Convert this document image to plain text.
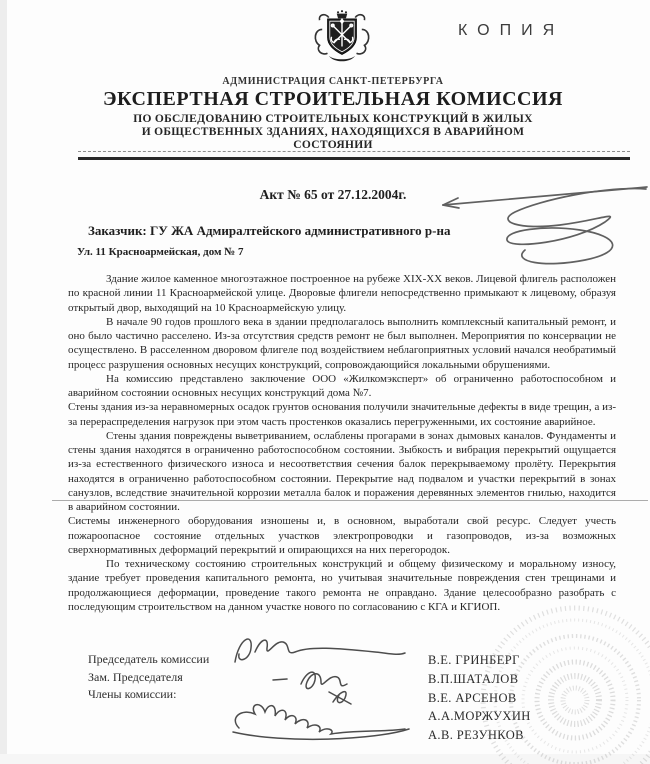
КОПИЯ
АДМИНИСТРАЦИЯ САНКТ-ПЕТЕРБУРГА
ЭКСПЕРТНАЯ СТРОИТЕЛЬНАЯ КОМИССИЯ
ПО ОБСЛЕДОВАНИЮ СТРОИТЕЛЬНЫХ КОНСТРУКЦИЙ В ЖИЛЫХ
И ОБЩЕСТВЕННЫХ ЗДАНИЯХ, НАХОДЯЩИХСЯ В АВАРИЙНОМ
СОСТОЯНИИ
Акт № 65 от 27.12.2004г.
Заказчик: ГУ ЖА Адмиралтейского административного р-на
Ул. 11 Красноармейская, дом № 7

Здание жилое каменное многоэтажное построенное на рубеже XIX-XX веков. Лицевой флигель расположен по красной линии 11 Красноармейской улице. Дворовые флигели непосредственно примыкают к лицевому, образуя открытый двор, выходящий на 10 Красноармейскую улицу.

В начале 90 годов прошлого века в здании предполагалось выполнить комплексный капитальный ремонт, и оно было частично расселено. Из-за отсутствия средств ремонт не был выполнен. Мероприятия по консервации не осуществлено. В расселенном дворовом флигеле под воздействием неблагоприятных условий начался необратимый процесс разрушения основных несущих конструкций, сопровождающийся локальными обрушениями.

На комиссию представлено заключение ООО «Жилкомэксперт» об ограниченно работоспособном и аварийном состоянии основных несущих конструкций дома №7.

Стены здания из-за неравномерных осадок грунтов основания получили значительные дефекты в виде трещин, а из-за перераспределения нагрузок при этом часть простенков оказались перегруженными, их состояние аварийное.

Стены здания повреждены выветриванием, ослаблены прогарами в зонах дымовых каналов. Фундаменты и стены здания находятся в ограниченно работоспособном состоянии. Зыбкость и вибрация перекрытий ощущается из-за естественного физического износа и несоответствия сечения балок перекрываемому пролёту. Перекрытия находятся в ограниченно работоспособном состоянии. Перекрытие над подвалом и участки перекрытий в зонах санузлов, вследствие значительной коррозии металла балок и поражения деревянных элементов гнилью, находится в аварийном состоянии.

Системы инженерного оборудования изношены и, в основном, выработали свой ресурс. Следует учесть пожароопасное состояние отдельных участков электропроводки и газопроводов, из-за возможных сверхнормативных деформаций перекрытий и опирающихся на них перегородок.

По техническому состоянию строительных конструкций и общему физическому и моральному износу, здание требует проведения капитального ремонта, но учитывая значительные повреждения стен трещинами и продолжающиеся деформации, проведение такого ремонта не оправдано. Здание целесообразно разобрать с последующим строительством на данном участке нового по согласованию с КГА и КГИОП.

Председатель комиссии
Зам. Председателя
Члены комиссии:
В.Е. ГРИНБЕРГ
В.П.ШАТАЛОВ
В.Е. АРСЕНОВ
А.А.МОРЖУХИН
А.В. РЕЗУНКОВ
